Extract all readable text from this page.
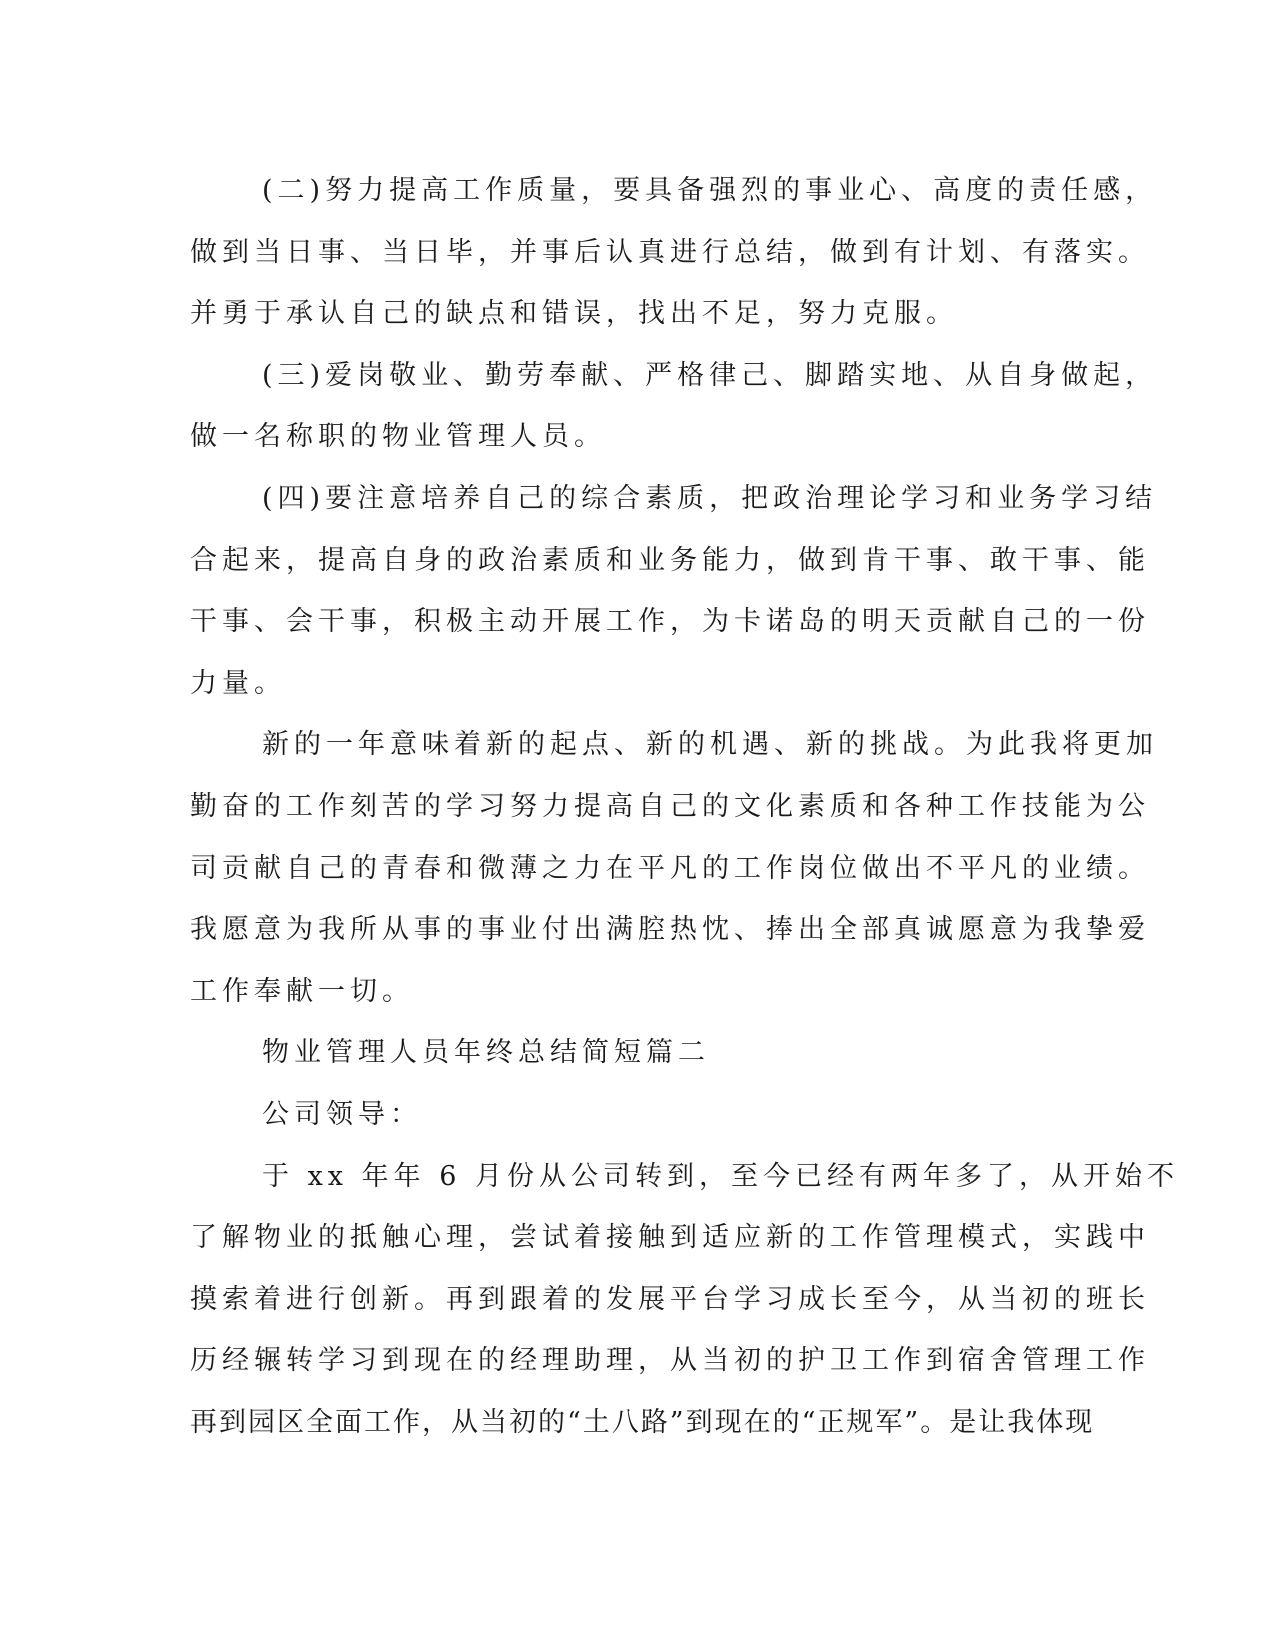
(二)努力提高工作质量，要具备强烈的事业心、高度的责任感，
做到当日事、当日毕，并事后认真进行总结，做到有计划、有落实。
并勇于承认自己的缺点和错误，找出不足，努力克服。
(三)爱岗敬业、勤劳奉献、严格律己、脚踏实地、从自身做起，
做一名称职的物业管理人员。
(四)要注意培养自己的综合素质，把政治理论学习和业务学习结
合起来，提高自身的政治素质和业务能力，做到肯干事、敢干事、能
干事、会干事，积极主动开展工作，为卡诺岛的明天贡献自己的一份
力量。
新的一年意味着新的起点、新的机遇、新的挑战。为此我将更加
勤奋的工作刻苦的学习努力提高自己的文化素质和各种工作技能为公
司贡献自己的青春和微薄之力在平凡的工作岗位做出不平凡的业绩。
我愿意为我所从事的事业付出满腔热忱、捧出全部真诚愿意为我挚爱
工作奉献一切。
物业管理人员年终总结简短篇二
公司领导：
于 xx 年年 6 月份从公司转到，至今已经有两年多了，从开始不
了解物业的抵触心理，尝试着接触到适应新的工作管理模式，实践中
摸索着进行创新。再到跟着的发展平台学习成长至今，从当初的班长
历经辗转学习到现在的经理助理，从当初的护卫工作到宿舍管理工作
再到园区全面工作，从当初的“土八路”到现在的“正规军”。是让我体现
